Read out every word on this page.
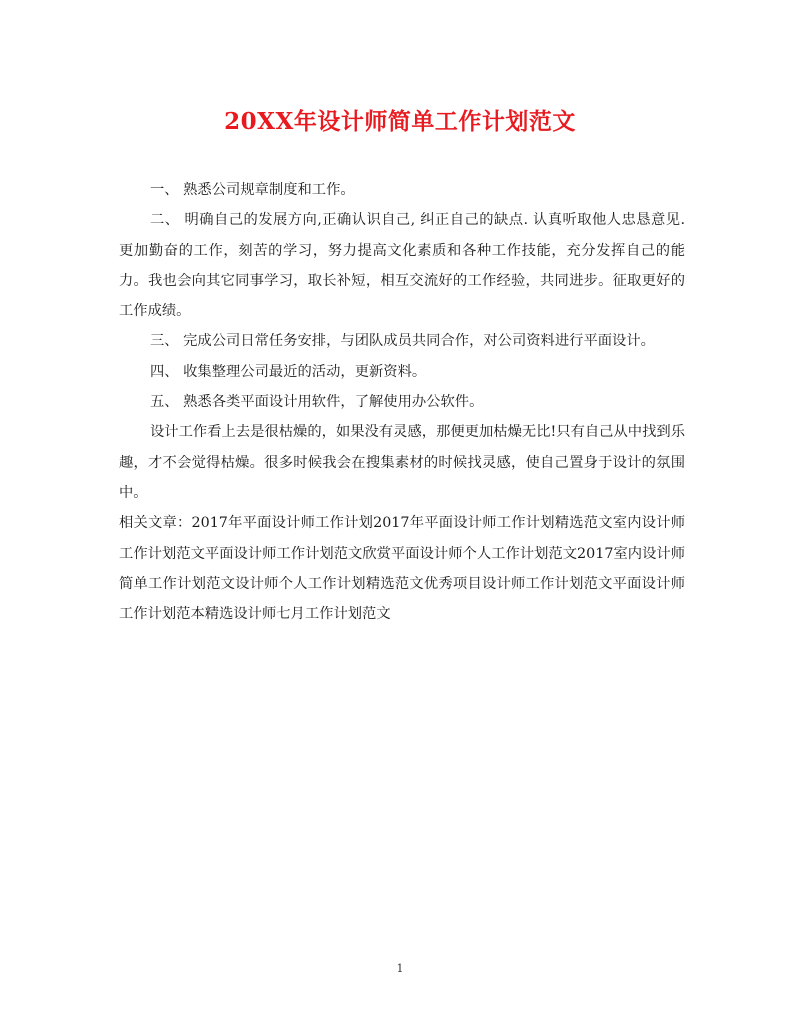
20XX年设计师简单工作计划范文

一、 熟悉公司规章制度和工作。

二、 明确自己的发展方向,正确认识自己, 纠正自己的缺点. 认真听取他人忠恳意见. 更加勤奋的工作，刻苦的学习，努力提高文化素质和各种工作技能，充分发挥自己的能力。我也会向其它同事学习，取长补短，相互交流好的工作经验，共同进步。征取更好的工作成绩。

三、 完成公司日常任务安排，与团队成员共同合作，对公司资料进行平面设计。

四、 收集整理公司最近的活动，更新资料。

五、 熟悉各类平面设计用软件，了解使用办公软件。

设计工作看上去是很枯燥的，如果没有灵感，那便更加枯燥无比!只有自己从中找到乐趣，才不会觉得枯燥。很多时候我会在搜集素材的时候找灵感，使自己置身于设计的氛围中。

相关文章：2017年平面设计师工作计划2017年平面设计师工作计划精选范文室内设计师工作计划范文平面设计师工作计划范文欣赏平面设计师个人工作计划范文2017室内设计师简单工作计划范文设计师个人工作计划精选范文优秀项目设计师工作计划范文平面设计师工作计划范本精选设计师七月工作计划范文

1
